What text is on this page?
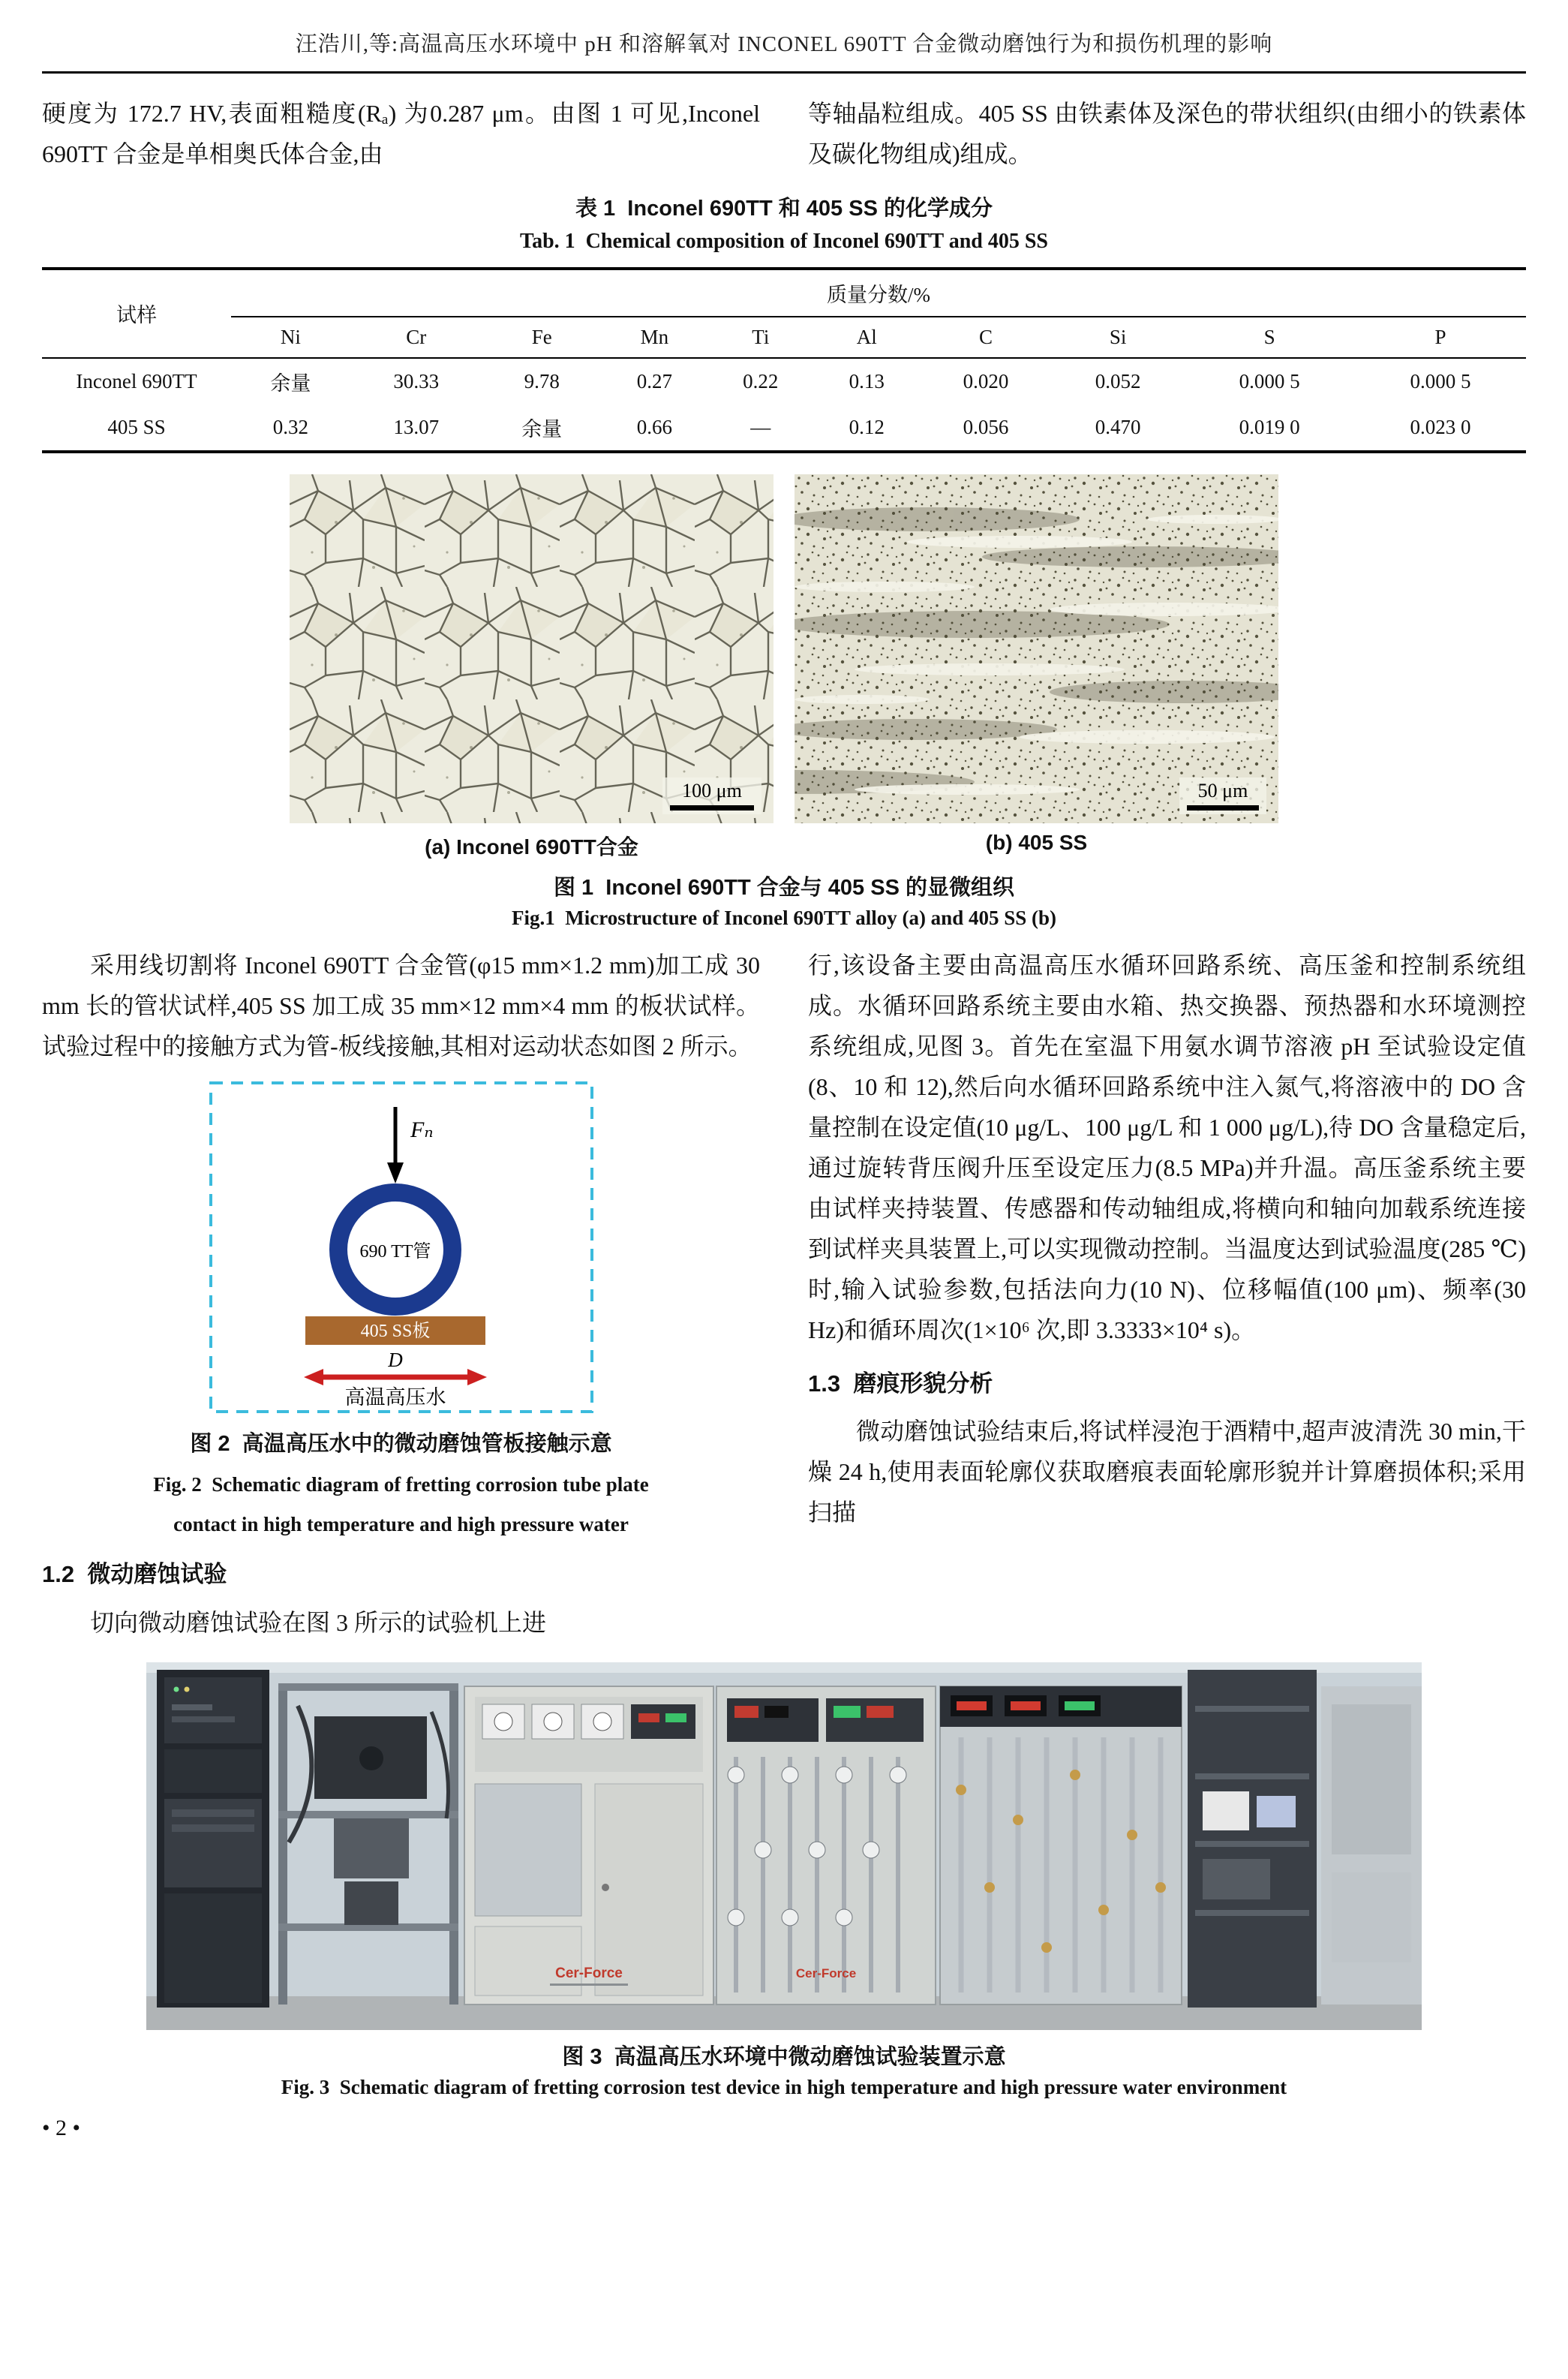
汪浩川,等:高温高压水环境中 pH 和溶解氧对 INCONEL 690TT 合金微动磨蚀行为和损伤机理的影响

硬度为 172.7 HV,表面粗糙度(Rₐ) 为0.287 μm。由图 1 可见,Inconel 690TT 合金是单相奥氏体合金,由

等轴晶粒组成。405 SS 由铁素体及深色的带状组织(由细小的铁素体及碳化物组成)组成。

表 1  Inconel 690TT 和 405 SS 的化学成分
Tab. 1  Chemical composition of Inconel 690TT and 405 SS
试样	质量分数/%									
	Ni	Cr	Fe	Mn	Ti	Al	C	Si	S	P
Inconel 690TT	余量	30.33	9.78	0.27	0.22	0.13	0.020	0.052	0.000 5	0.000 5
405 SS	0.32	13.07	余量	0.66	—	0.12	0.056	0.470	0.019 0	0.023 0
100 μm	50 μm
(a) Inconel 690TT合金	(b) 405 SS
图 1  Inconel 690TT 合金与 405 SS 的显微组织
Fig.1  Microstructure of Inconel 690TT alloy (a) and 405 SS (b)

采用线切割将 Inconel 690TT 合金管(φ15 mm×1.2 mm)加工成 30 mm 长的管状试样,405 SS 加工成 35 mm×12 mm×4 mm 的板状试样。试验过程中的接触方式为管-板线接触,其相对运动状态如图 2 所示。

Fₙ
690 TT管
405 SS板
D
高温高压水
图 2  高温高压水中的微动磨蚀管板接触示意
Fig. 2  Schematic diagram of fretting corrosion tube plate
contact in high temperature and high pressure water
1.2  微动磨蚀试验

切向微动磨蚀试验在图 3 所示的试验机上进

行,该设备主要由高温高压水循环回路系统、高压釜和控制系统组成。水循环回路系统主要由水箱、热交换器、预热器和水环境测控系统组成,见图 3。首先在室温下用氨水调节溶液 pH 至试验设定值(8、10 和 12),然后向水循环回路系统中注入氮气,将溶液中的 DO 含量控制在设定值(10 μg/L、100 μg/L 和 1 000 μg/L),待 DO 含量稳定后,通过旋转背压阀升压至设定压力(8.5 MPa)并升温。高压釜系统主要由试样夹持装置、传感器和传动轴组成,将横向和轴向加载系统连接到试样夹具装置上,可以实现微动控制。当温度达到试验温度(285 ℃)时,输入试验参数,包括法向力(10 N)、位移幅值(100 μm)、频率(30 Hz)和循环周次(1×10⁶ 次,即 3.3333×10⁴ s)。

1.3  磨痕形貌分析

微动磨蚀试验结束后,将试样浸泡于酒精中,超声波清洗 30 min,干燥 24 h,使用表面轮廓仪获取磨痕表面轮廓形貌并计算磨损体积;采用扫描

Cer-Force	Cer-Force
图 3  高温高压水环境中微动磨蚀试验装置示意
Fig. 3  Schematic diagram of fretting corrosion test device in high temperature and high pressure water environment
• 2 •
